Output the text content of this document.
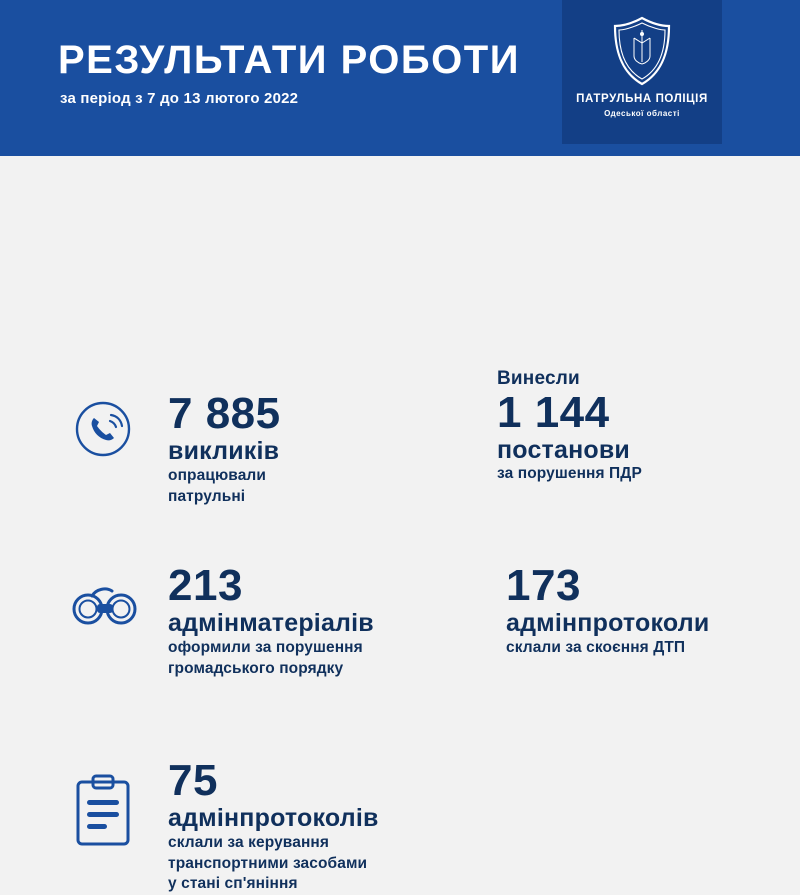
РЕЗУЛЬТАТИ РОБОТИ
за період з 7 до 13 лютого 2022	ПАТРУЛЬНА ПОЛІЦІЯ
Одеської області
7 885
викликів
опрацювали
патрульні
Винесли
1 144
постанови
за порушення ПДР
213
адмінматеріалів
оформили за порушення
громадського порядку
173
адмінпротоколи
склали за скоєння ДТП
75
адмінпротоколів
склали за керування
транспортними засобами
у стані сп'яніння
